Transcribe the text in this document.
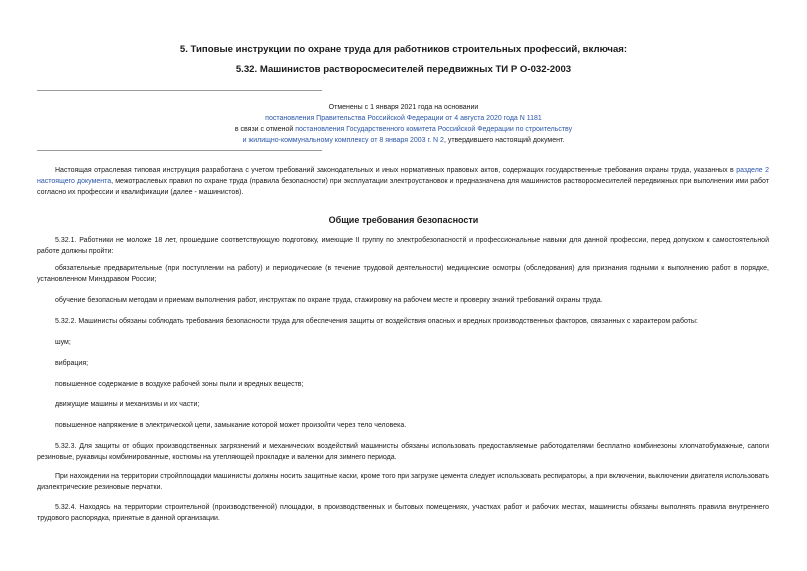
5. Типовые инструкции по охране труда для работников строительных профессий, включая:
5.32. Машинистов растворосмесителей передвижных ТИ Р О-032-2003
Отменены с 1 января 2021 года на основании
постановления Правительства Российской Федерации от 4 августа 2020 года N 1181
в связи с отменой постановления Государственного комитета Российской Федерации по строительству
и жилищно-коммунальному комплексу от 8 января 2003 г. N 2, утвердившего настоящий документ.

Настоящая отраслевая типовая инструкция разработана с учетом требований законодательных и иных нормативных правовых актов, содержащих государственные требования охраны труда, указанных в разделе 2 настоящего документа, межотраслевых правил по охране труда (правила безопасности) при эксплуатации электроустановок и предназначена для машинистов растворосмесителей передвижных при выполнении ими работ согласно их профессии и квалификации (далее - машинистов).

Общие требования безопасности

5.32.1. Работники не моложе 18 лет, прошедшие соответствующую подготовку, имеющие II группу по электробезопасностй и профессиональные навыки для данной профессии, перед допуском к самостоятельной работе должны пройти:

обязательные предварительные (при поступлении на работу) и периодические (в течение трудовой деятельности) медицинские осмотры (обследования) для признания годными к выполнению работ в порядке, установленном Минздравом России;

обучение безопасным методам и приемам выполнения работ, инструктаж по охране труда, стажировку на рабочем месте и проверку знаний требований охраны труда.

5.32.2. Машинисты обязаны соблюдать требования безопасности труда для обеспечения защиты от воздействия опасных и вредных производственных факторов, связанных с характером работы:

шум;

вибрация;

повышенное содержание в воздухе рабочей зоны пыли и вредных веществ;

движущие машины и механизмы и их части;

повышенное напряжение в электрической цепи, замыкание которой может произойти через тело человека.

5.32.3. Для защиты от общих производственных загрязнений и механических воздействий машинисты обязаны использовать предоставляемые работодателями бесплатно комбинезоны хлопчатобумажные, сапоги резиновые, рукавицы комбинированные, костюмы на утепляющей прокладке и валенки для зимнего периода.

При нахождении на территории стройплощадки машинисты должны носить защитные каски, кроме того при загрузке цемента следует использовать респираторы, а при включении, выключении двигателя использовать диэлектрические резиновые перчатки.

5.32.4. Находясь на территории строительной (производственной) площадки, в производственных и бытовых помещениях, участках работ и рабочих местах, машинисты обязаны выполнять правила внутреннего трудового распорядка, принятые в данной организации.
